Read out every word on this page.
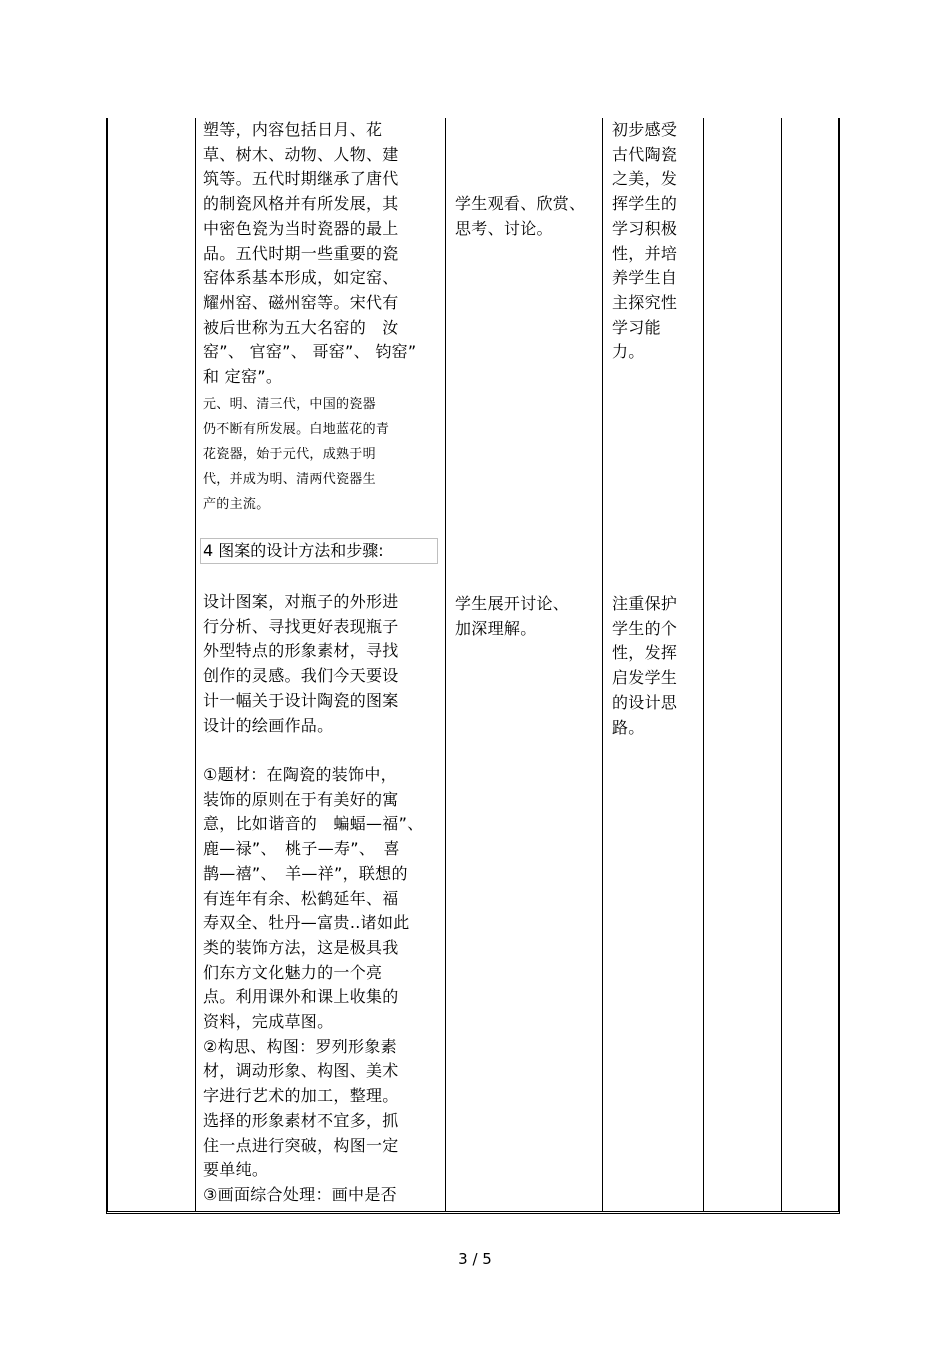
塑等，内容包括日月、花
草、树木、动物、人物、建
筑等。五代时期继承了唐代
的制瓷风格并有所发展，其
中密色瓷为当时瓷器的最上
品。五代时期一些重要的瓷
窑体系基本形成，如定窑、
耀州窑、磁州窑等。宋代有
被后世称为五大名窑的　汝
窑”、 官窑”、 哥窑”、 钧窑”
和 定窑”。
元、明、清三代，中国的瓷器
仍不断有所发展。白地蓝花的青
花瓷器，始于元代，成熟于明
代，并成为明、清两代瓷器生
产的主流。
4 图案的设计方法和步骤:
设计图案，对瓶子的外形进
行分析、寻找更好表现瓶子
外型特点的形象素材，寻找
创作的灵感。我们今天要设
计一幅关于设计陶瓷的图案
设计的绘画作品。
①题材：在陶瓷的装饰中，
装饰的原则在于有美好的寓
意，比如谐音的　蝙蝠—福”、
鹿—禄”、　桃子—寿”、　喜
鹊—禧”、　羊—祥”，联想的
有连年有余、松鹤延年、福
寿双全、牡丹—富贵‥诸如此
类的装饰方法，这是极具我
们东方文化魅力的一个亮
点。利用课外和课上收集的
资料，完成草图。
②构思、构图：罗列形象素
材，调动形象、构图、美术
字进行艺术的加工，整理。
选择的形象素材不宜多，抓
住一点进行突破，构图一定
要单纯。
③画面综合处理：画中是否
学生观看、欣赏、
思考、讨论。
学生展开讨论、
加深理解。
初步感受
古代陶瓷
之美，发
挥学生的
学习积极
性，并培
养学生自
主探究性
学习能
力。
注重保护
学生的个
性，发挥
启发学生
的设计思
路。
3 / 5
